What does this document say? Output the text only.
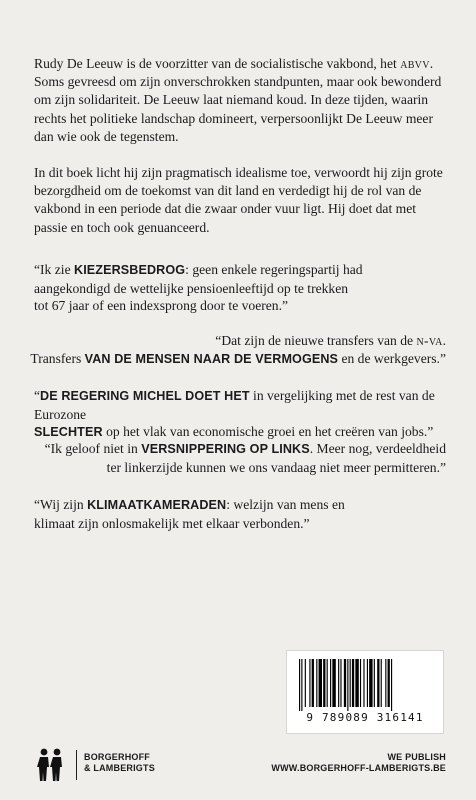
Rudy De Leeuw is de voorzitter van de socialistische vakbond, het abvv. Soms gevreesd om zijn onverschrokken standpunten, maar ook bewonderd om zijn solidariteit. De Leeuw laat niemand koud. In deze tijden, waarin rechts het politieke landschap domineert, verpersoonlijkt De Leeuw meer dan wie ook de tegenstem.

In dit boek licht hij zijn pragmatisch idealisme toe, verwoordt hij zijn grote bezorgdheid om de toekomst van dit land en verdedigt hij de rol van de vakbond in een periode dat die zwaar onder vuur ligt. Hij doet dat met passie en toch ook genuanceerd.

“Ik zie KIEZERSBEDROG: geen enkele regeringspartij had
aangekondigd de wettelijke pensioenleeftijd op te trekken
tot 67 jaar of een indexsprong door te voeren.”
“Dat zijn de nieuwe transfers van de n-va.
Transfers VAN DE MENSEN NAAR DE VERMOGENS en de werkgevers.”
“DE REGERING MICHEL DOET HET in vergelijking met de rest van de Eurozone
SLECHTER op het vlak van economische groei en het creëren van jobs.”
“Ik geloof niet in VERSNIPPERING OP LINKS. Meer nog, verdeeldheid
ter linkerzijde kunnen we ons vandaag niet meer permitteren.”
“Wij zijn KLIMAATKAMERADEN: welzijn van mens en
klimaat zijn onlosmakelijk met elkaar verbonden.”
9 789089 316141
BORGERHOFF
& LAMBERIGTS
WE PUBLISH
WWW.BORGERHOFF-LAMBERIGTS.BE
